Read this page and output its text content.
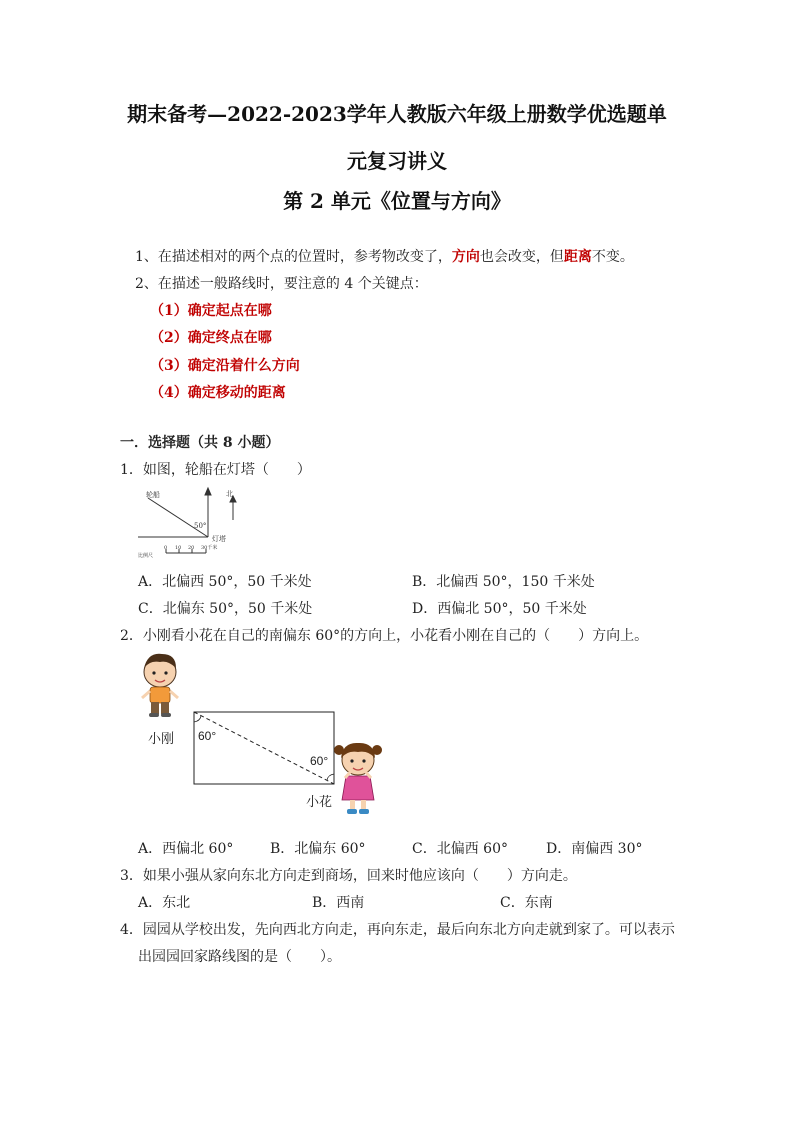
期末备考—2022-2023学年人教版六年级上册数学优选题单
元复习讲义
第 2 单元《位置与方向》
1、在描述相对的两个点的位置时，参考物改变了，方向也会改变，但距离不变。
2、在描述一般路线时，要注意的 4 个关键点：
（1）确定起点在哪
（2）确定终点在哪
（3）确定沿着什么方向
（4）确定移动的距离
一．选择题（共 8 小题）
1．如图，轮船在灯塔（　　）
轮船	北
50°
灯塔
比例尺
0 10 20 30千米
A．北偏西 50°，50 千米处	B．北偏西 50°，150 千米处
C．北偏东 50°，50 千米处	D．西偏北 50°，50 千米处
2．小刚看小花在自己的南偏东 60°的方向上，小花看小刚在自己的（　　）方向上。
小刚 60°
60°
小花
A．西偏北 60°	B．北偏东 60°	C．北偏西 60°	D．南偏西 30°
3．如果小强从家向东北方向走到商场，回来时他应该向（　　）方向走。
A．东北	B．西南	C．东南
4．园园从学校出发，先向西北方向走，再向东走，最后向东北方向走就到家了。可以表示
出园园回家路线图的是（　　）。
